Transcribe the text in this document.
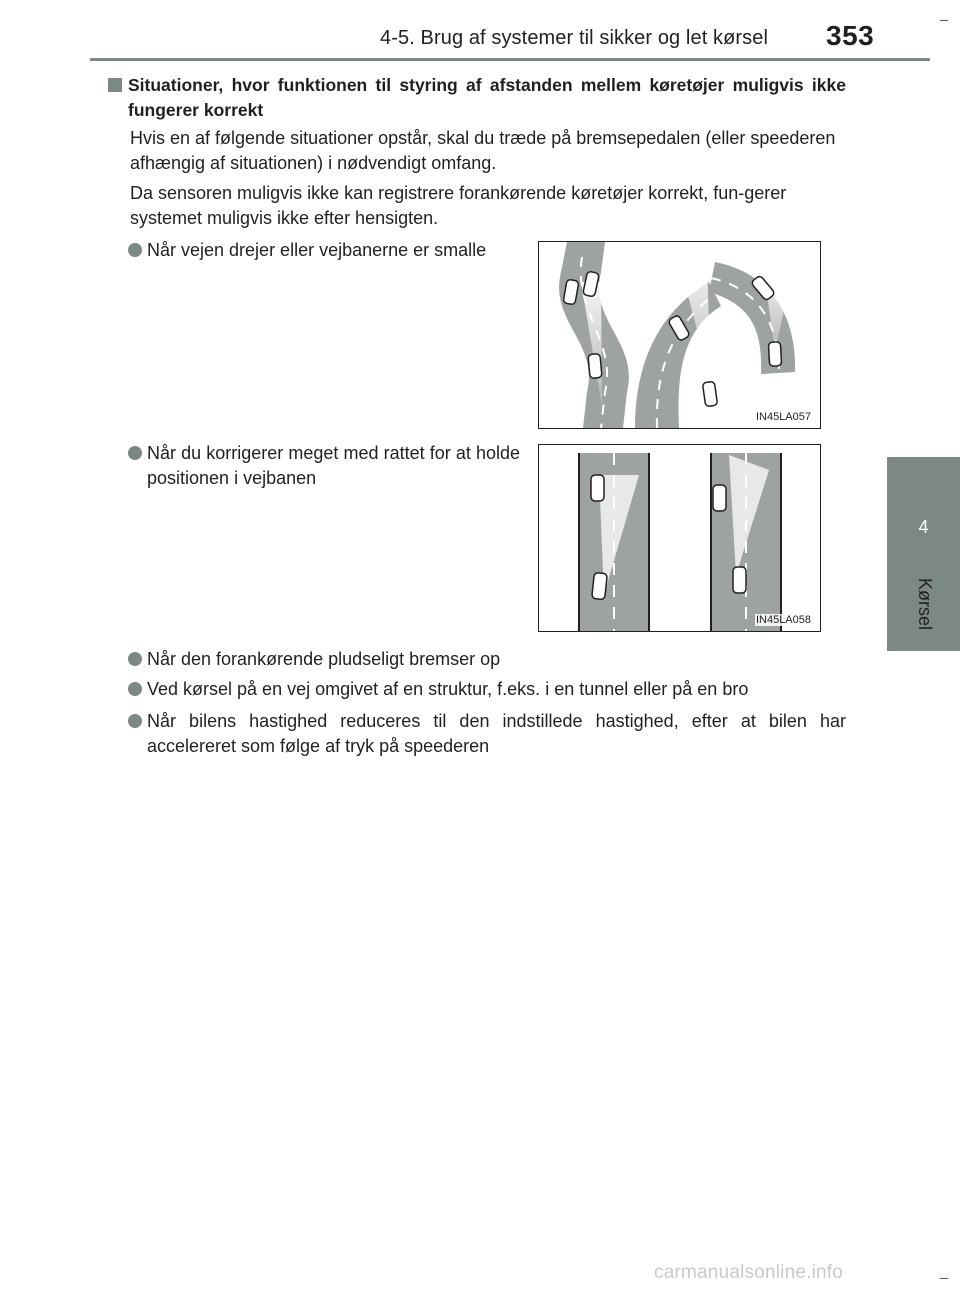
4-5. Brug af systemer til sikker og let kørsel	353
4
Kørsel
Situationer, hvor funktionen til styring af afstanden mellem køretøjer muligvis ikke fungerer korrekt
Hvis en af følgende situationer opstår, skal du træde på bremsepedalen (eller speederen afhængig af situationen) i nødvendigt omfang.
Da sensoren muligvis ikke kan registrere forankørende køretøjer korrekt, fun-gerer systemet muligvis ikke efter hensigten.
Når vejen drejer eller vejbanerne er smalle
IN45LA057
Når du korrigerer meget med rattet for at holde positionen i vejbanen
IN45LA058
Når den forankørende pludseligt bremser op
Ved kørsel på en vej omgivet af en struktur, f.eks. i en tunnel eller på en bro
Når bilens hastighed reduceres til den indstillede hastighed, efter at bilen har accelereret som følge af tryk på speederen
carmanualsonline.info
